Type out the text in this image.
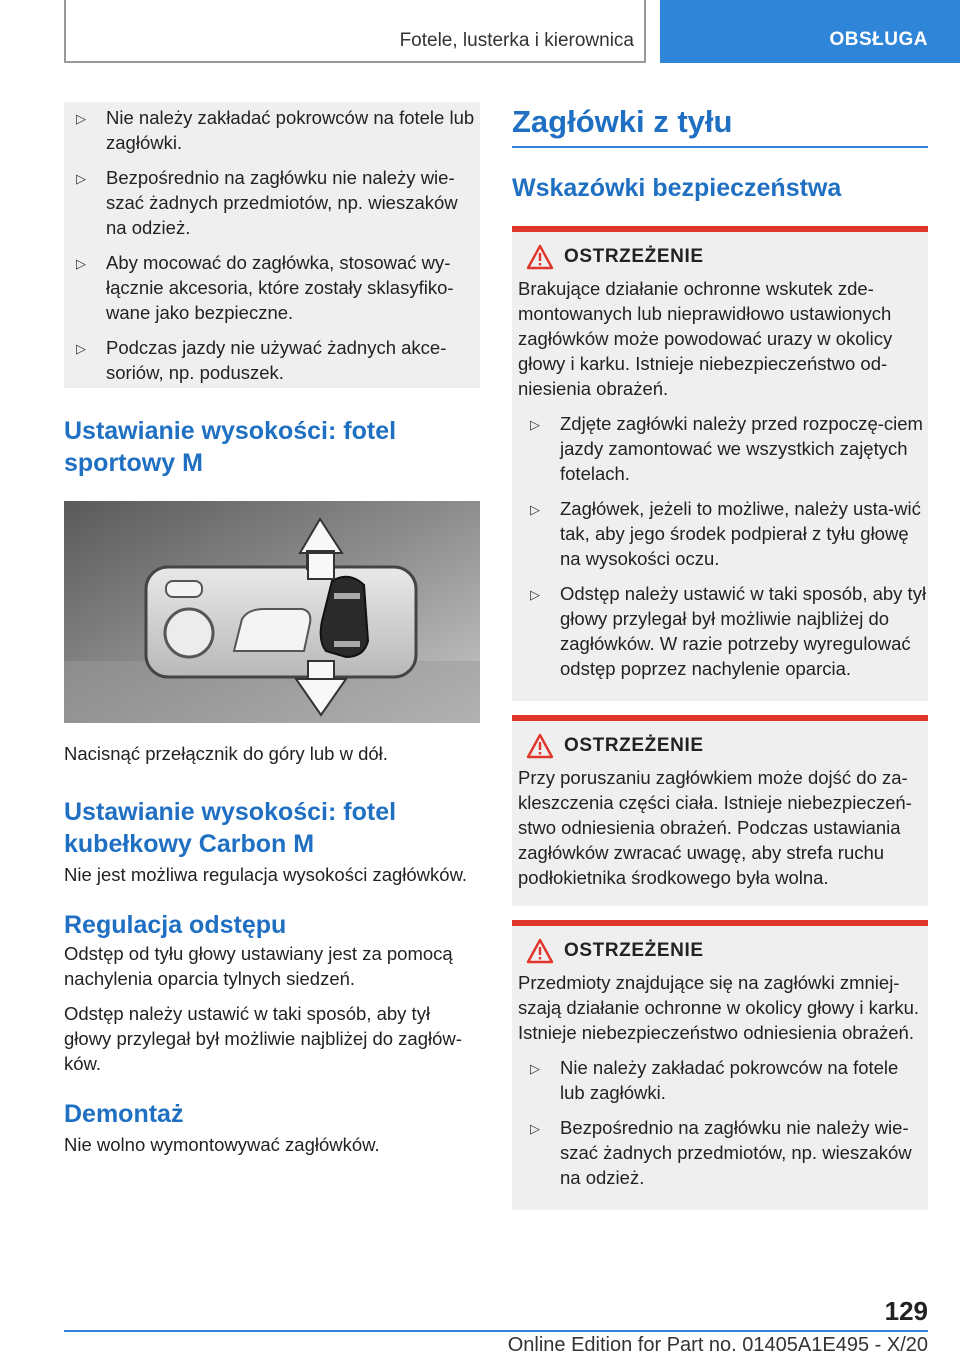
Fotele, lusterka i kierownica	OBSŁUGA
▷ Nie należy zakładać pokrowców na fotele lub zagłówki.
▷ Bezpośrednio na zagłówku nie należy wie-szać żadnych przedmiotów, np. wieszaków na odzież.
▷ Aby mocować do zagłówka, stosować wy-łącznie akcesoria, które zostały sklasyfiko-wane jako bezpieczne.
▷ Podczas jazdy nie używać żadnych akce-soriów, np. poduszek.
Ustawianie wysokości: fotel sportowy M

Nacisnąć przełącznik do góry lub w dół.

Ustawianie wysokości: fotel kubełkowy Carbon M

Nie jest możliwa regulacja wysokości zagłówków.

Regulacja odstępu

Odstęp od tyłu głowy ustawiany jest za pomocą nachylenia oparcia tylnych siedzeń.

Odstęp należy ustawić w taki sposób, aby tył głowy przylegał był możliwie najbliżej do zagłów-ków.

Demontaż

Nie wolno wymontowywać zagłówków.

Zagłówki z tyłu
Wskazówki bezpieczeństwa
OSTRZEŻENIE

Brakujące działanie ochronne wskutek zde-montowanych lub nieprawidłowo ustawionych zagłówków może powodować urazy w okolicy głowy i karku. Istnieje niebezpieczeństwo od-niesienia obrażeń.

▷ Zdjęte zagłówki należy przed rozpoczę-ciem jazdy zamontować we wszystkich zajętych fotelach.
▷ Zagłówek, jeżeli to możliwe, należy usta-wić tak, aby jego środek podpierał z tyłu głowę na wysokości oczu.
▷ Odstęp należy ustawić w taki sposób, aby tył głowy przylegał był możliwie najbliżej do zagłówków. W razie potrzeby wyregulować odstęp poprzez nachylenie oparcia.
OSTRZEŻENIE

Przy poruszaniu zagłówkiem może dojść do za-kleszczenia części ciała. Istnieje niebezpieczeń-stwo odniesienia obrażeń. Podczas ustawiania zagłówków zwracać uwagę, aby strefa ruchu podłokietnika środkowego była wolna.

OSTRZEŻENIE

Przedmioty znajdujące się na zagłówki zmniej-szają działanie ochronne w okolicy głowy i karku. Istnieje niebezpieczeństwo odniesienia obrażeń.

▷ Nie należy zakładać pokrowców na fotele lub zagłówki.
▷ Bezpośrednio na zagłówku nie należy wie-szać żadnych przedmiotów, np. wieszaków na odzież.
129
Online Edition for Part no. 01405A1E495 - X/20
